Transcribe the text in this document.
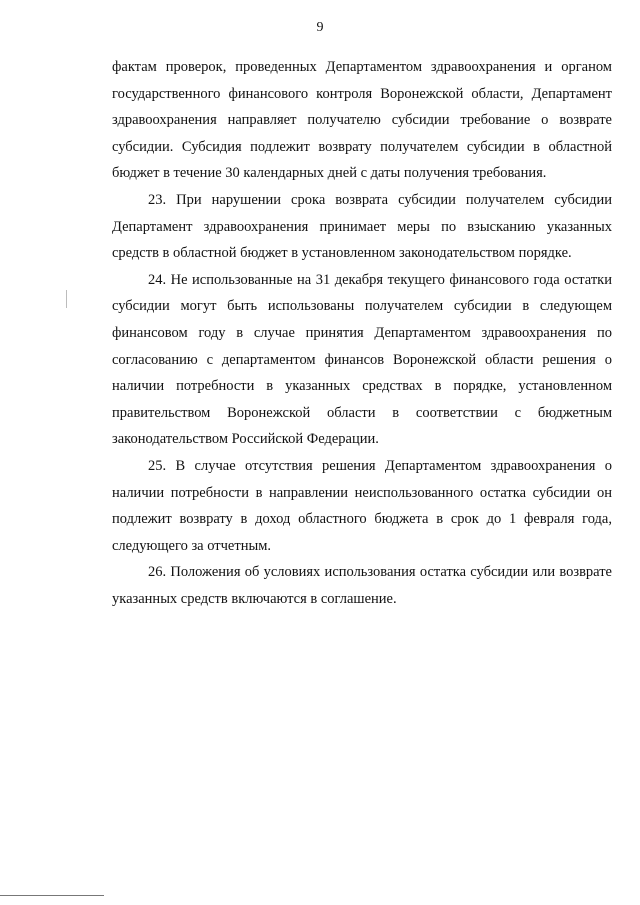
9

фактам проверок, проведенных Департаментом здравоохранения и органом государственного финансового контроля Воронежской области, Департамент здравоохранения направляет получателю субсидии требование о возврате субсидии. Субсидия подлежит возврату получателем субсидии в областной бюджет в течение 30 календарных дней с даты получения требования.

23. При нарушении срока возврата субсидии получателем субсидии Департамент здравоохранения принимает меры по взысканию указанных средств в областной бюджет в установленном законодательством порядке.

24. Не использованные на 31 декабря текущего финансового года остатки субсидии могут быть использованы получателем субсидии в следующем финансовом году в случае принятия Департаментом здравоохранения по согласованию с департаментом финансов Воронежской области решения о наличии потребности в указанных средствах в порядке, установленном правительством Воронежской области в соответствии с бюджетным законодательством Российской Федерации.

25. В случае отсутствия решения Департаментом здравоохранения о наличии потребности в направлении неиспользованного остатка субсидии он подлежит возврату в доход областного бюджета в срок до 1 февраля года, следующего за отчетным.

26. Положения об условиях использования остатка субсидии или возврате указанных средств включаются в соглашение.
